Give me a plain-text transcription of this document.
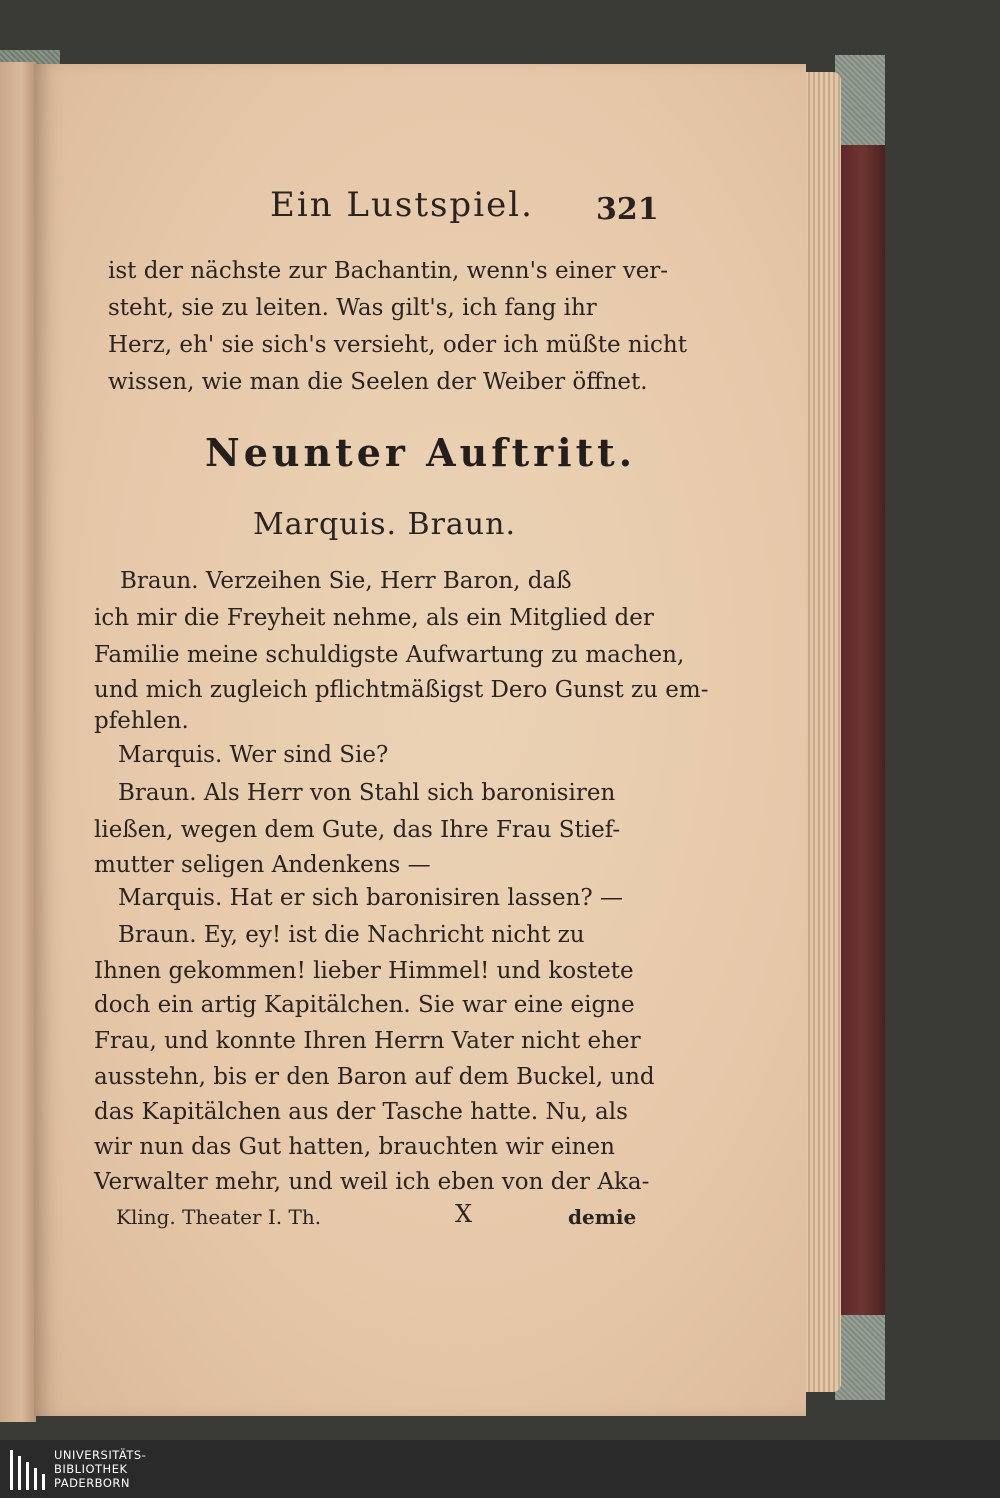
Ein Lustspiel. 321
ist der nächste zur Bachantin, wenn's einer ver-
steht, sie zu leiten. Was gilt's, ich fang ihr
Herz, eh' sie sich's versieht, oder ich müßte nicht
wissen, wie man die Seelen der Weiber öffnet.
Neunter Auftritt.
Marquis. Braun.
Braun. Verzeihen Sie, Herr Baron, daß
ich mir die Freyheit nehme, als ein Mitglied der
Familie meine schuldigste Aufwartung zu machen,
und mich zugleich pflichtmäßigst Dero Gunst zu em-
pfehlen.
Marquis. Wer sind Sie?
Braun. Als Herr von Stahl sich baronisiren
ließen, wegen dem Gute, das Ihre Frau Stief-
mutter seligen Andenkens —
Marquis. Hat er sich baronisiren lassen? —
Braun. Ey, ey! ist die Nachricht nicht zu
Ihnen gekommen! lieber Himmel! und kostete
doch ein artig Kapitälchen. Sie war eine eigne
Frau, und konnte Ihren Herrn Vater nicht eher
ausstehn, bis er den Baron auf dem Buckel, und
das Kapitälchen aus der Tasche hatte. Nu, als
wir nun das Gut hatten, brauchten wir einen
Verwalter mehr, und weil ich eben von der Aka-
Kling. Theater I. Th.	X	demie
UNIVERSITÄTS-
BIBLIOTHEK
PADERBORN
